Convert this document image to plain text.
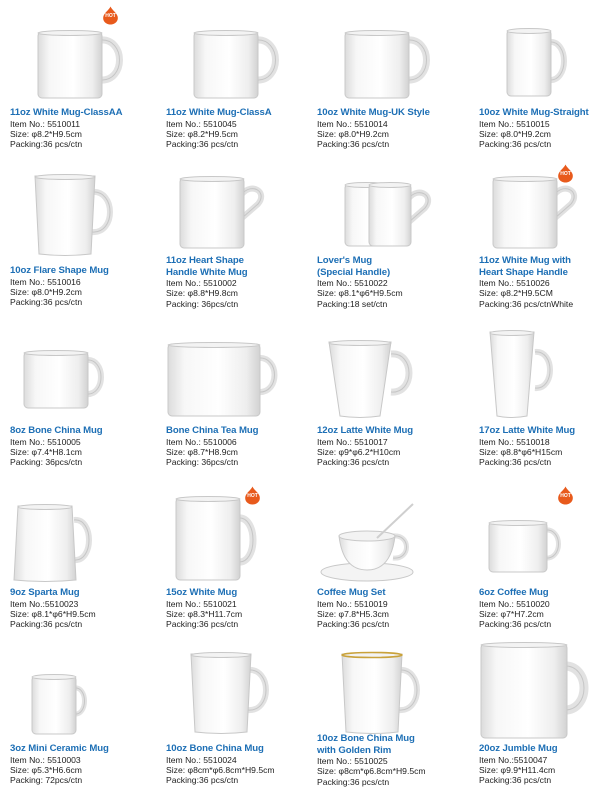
HOT
11oz White Mug-ClassAA
Item No.: 5510011
Size: φ8.2*H9.5cm
Packing:36 pcs/ctn
11oz White Mug-ClassA
Item No.: 5510045
Size: φ8.2*H9.5cm
Packing:36 pcs/ctn
10oz White Mug-UK Style
Item No.: 5510014
Size: φ8.0*H9.2cm
Packing:36 pcs/ctn
10oz White Mug-Straight
Item No.: 5510015
Size: φ8.0*H9.2cm
Packing:36 pcs/ctn
10oz Flare Shape Mug
Item No.: 5510016
Size: φ8.0*H9.2cm
Packing:36 pcs/ctn
11oz Heart Shape
Handle White Mug
Item No.: 5510002
Size: φ8.8*H9.8cm
Packing: 36pcs/ctn
Lover's Mug
(Special Handle)
Item No.: 5510022
Size: φ8.1*φ6*H9.5cm
Packing:18 set/ctn
HOT
11oz White Mug with
Heart Shape Handle
Item No.: 5510026
Size: φ8.2*H9.5CM
Packing:36 pcs/ctnWhite
8oz Bone China Mug
Item No.: 5510005
Size: φ7.4*H8.1cm
Packing: 36pcs/ctn
Bone China Tea Mug
Item No.: 5510006
Size: φ8.7*H8.9cm
Packing: 36pcs/ctn
12oz Latte White Mug
Item No.: 5510017
Size: φ9*φ6.2*H10cm
Packing:36 pcs/ctn
17oz Latte White Mug
Item No.: 5510018
Size: φ8.8*φ6*H15cm
Packing:36 pcs/ctn
9oz Sparta Mug
Item No.:5510023
Size: φ8.1*φ6*H9.5cm
Packing:36 pcs/ctn
HOT
15oz White Mug
Item No.: 5510021
Size: φ8.3*H11.7cm
Packing:36 pcs/ctn
Coffee Mug Set
Item No.: 5510019
Size: φ7.8*H5.3cm
Packing:36 pcs/ctn
HOT
6oz Coffee Mug
Item No.: 5510020
Size: φ7*H7.2cm
Packing:36 pcs/ctn
3oz Mini Ceramic Mug
Item No.: 5510003
Size: φ5.3*H6.6cm
Packing: 72pcs/ctn
10oz Bone China Mug
Item No.: 5510024
Size: φ8cm*φ6.8cm*H9.5cm
Packing:36 pcs/ctn
10oz Bone China Mug
with Golden Rim
Item No.: 5510025
Size: φ8cm*φ6.8cm*H9.5cm
Packing:36 pcs/ctn
20oz Jumble Mug
Item No.:5510047
Size: φ9.9*H11.4cm
Packing:36 pcs/ctn
